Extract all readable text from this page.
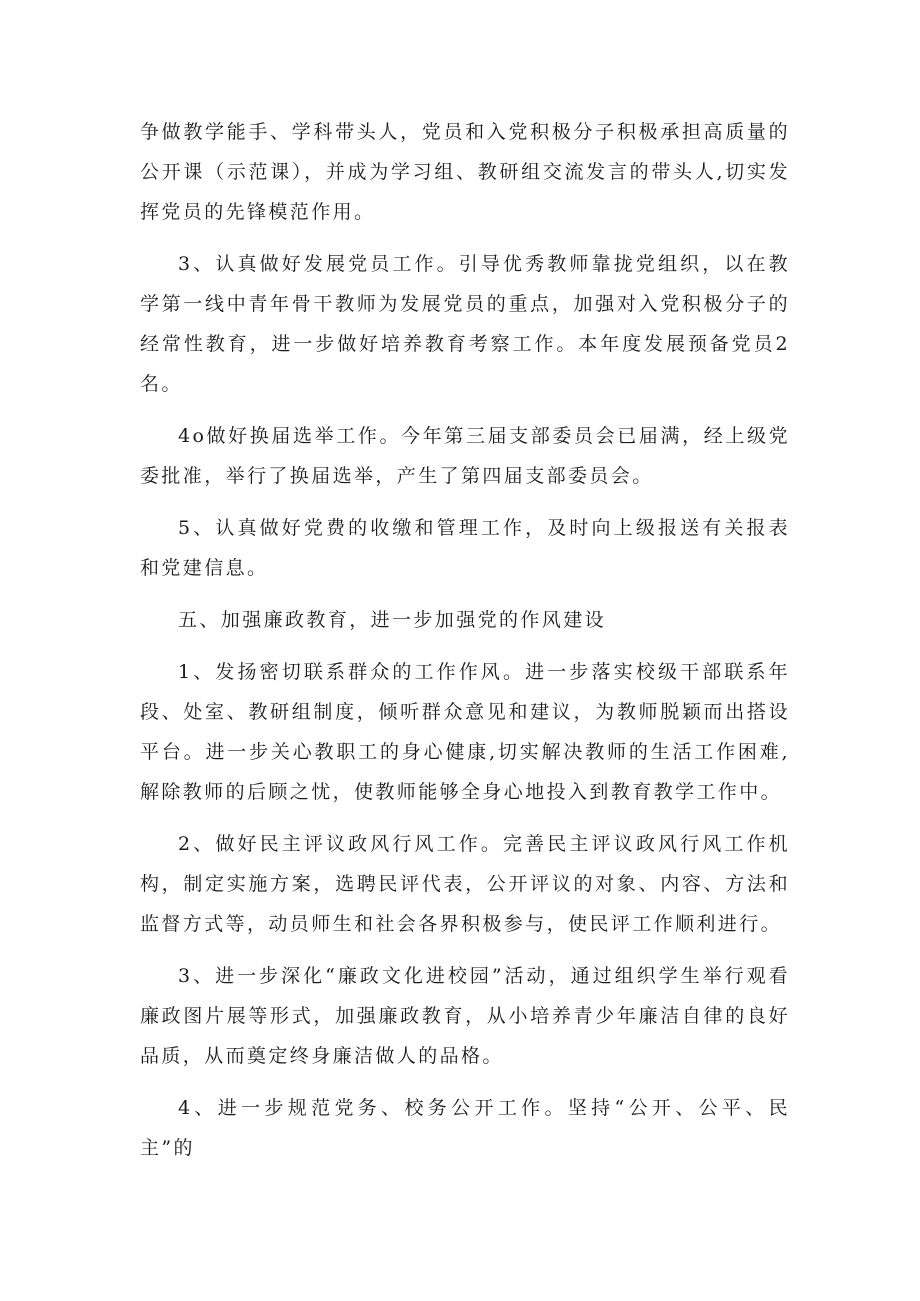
争做教学能手、学科带头人，党员和入党积极分子积极承担高质量的公开课（示范课），并成为学习组、教研组交流发言的带头人,切实发挥党员的先锋模范作用。

3、认真做好发展党员工作。引导优秀教师靠拢党组织，以在教学第一线中青年骨干教师为发展党员的重点，加强对入党积极分子的经常性教育，进一步做好培养教育考察工作。本年度发展预备党员2名。

4o做好换届选举工作。今年第三届支部委员会已届满，经上级党委批准，举行了换届选举，产生了第四届支部委员会。

5、认真做好党费的收缴和管理工作，及时向上级报送有关报表和党建信息。

五、加强廉政教育，进一步加强党的作风建设

1、发扬密切联系群众的工作作风。进一步落实校级干部联系年段、处室、教研组制度，倾听群众意见和建议，为教师脱颖而出搭设平台。进一步关心教职工的身心健康,切实解决教师的生活工作困难,解除教师的后顾之忧，使教师能够全身心地投入到教育教学工作中。

2、做好民主评议政风行风工作。完善民主评议政风行风工作机构，制定实施方案，选聘民评代表，公开评议的对象、内容、方法和监督方式等，动员师生和社会各界积极参与，使民评工作顺利进行。

3、进一步深化“廉政文化进校园”活动，通过组织学生举行观看廉政图片展等形式，加强廉政教育，从小培养青少年廉洁自律的良好品质，从而奠定终身廉洁做人的品格。

4、进一步规范党务、校务公开工作。坚持“公开、公平、民主”的
